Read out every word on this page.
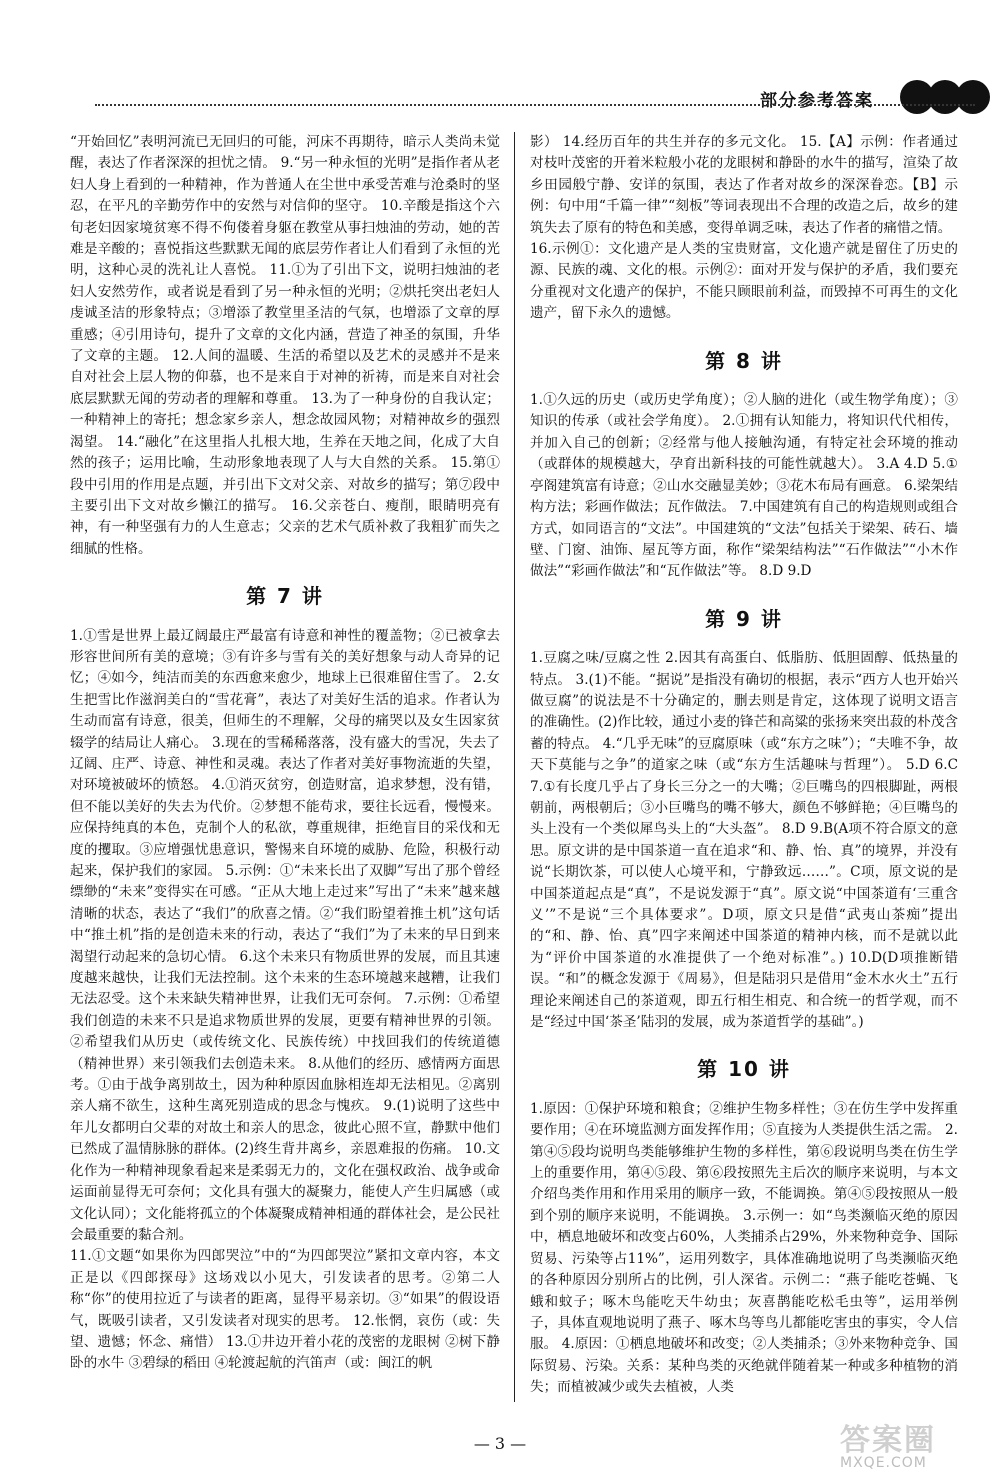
部分参考答案

“开始回忆”表明河流已无回归的可能，河床不再期待，暗示人类尚未觉醒，表达了作者深深的担忧之情。 9.“另一种永恒的光明”是指作者从老妇人身上看到的一种精神，作为普通人在尘世中承受苦难与沧桑时的坚忍，在平凡的辛勤劳作中的安然与对信仰的坚守。 10.辛酸是指这个六旬老妇因家境贫寒不得不佝偻着身躯在教堂从事扫烛油的劳动，她的苦难是辛酸的；喜悦指这些默默无闻的底层劳作者让人们看到了永恒的光明，这种心灵的洗礼让人喜悦。 11.①为了引出下文，说明扫烛油的老妇人安然劳作，或者说是看到了另一种永恒的光明；②烘托突出老妇人虔诚圣洁的形象特点；③增添了教堂里圣洁的气氛，也增添了文章的厚重感；④引用诗句，提升了文章的文化内涵，营造了神圣的氛围，升华了文章的主题。 12.人间的温暖、生活的希望以及艺术的灵感并不是来自对社会上层人物的仰慕，也不是来自于对神的祈祷，而是来自对社会底层默默无闻的劳动者的理解和尊重。 13.为了一种身份的自我认定；一种精神上的寄托；想念家乡亲人，想念故园风物；对精神故乡的强烈渴望。 14.“融化”在这里指人扎根大地，生养在天地之间，化成了大自然的孩子；运用比喻，生动形象地表现了人与大自然的关系。 15.第①段中引用的作用是点题，并引出下文对父亲、对故乡的描写；第⑦段中主要引出下文对故乡懒江的描写。 16.父亲苍白、瘦削，眼睛明亮有神，有一种坚强有力的人生意志；父亲的艺术气质补救了我粗犷而失之细腻的性格。

第 7 讲

1.①雪是世界上最辽阔最庄严最富有诗意和神性的覆盖物；②已被拿去形容世间所有美的意境；③有许多与雪有关的美好想象与动人奇异的记忆；④如今，纯洁而美的东西愈来愈少，地球上已很难留住雪了。 2.女生把雪比作滋润美白的“雪花膏”，表达了对美好生活的追求。作者认为生动而富有诗意，很美，但师生的不理解，父母的痛哭以及女生因家贫辍学的结局让人痛心。 3.现在的雪稀稀落落，没有盛大的雪况，失去了辽阔、庄严、诗意、神性和灵魂。表达了作者对美好事物流逝的失望，对环境被破坏的愤怒。 4.①消灭贫穷，创造财富，追求梦想，没有错，但不能以美好的失去为代价。②梦想不能苟求，要往长远看，慢慢来。应保持纯真的本色，克制个人的私欲，尊重规律，拒绝盲目的采伐和无度的攫取。③应增强忧患意识，警惕来自环境的威胁、危险，积极行动起来，保护我们的家园。 5.示例：①“未来长出了双脚”写出了那个曾经缥缈的“未来”变得实在可感。“正从大地上走过来”写出了“未来”越来越清晰的状态，表达了“我们”的欣喜之情。②“我们盼望着推土机”这句话中“推土机”指的是创造未来的行动，表达了“我们”为了未来的早日到来渴望行动起来的急切心情。 6.这个未来只有物质世界的发展，而且其速度越来越快，让我们无法控制。这个未来的生态环境越来越糟，让我们无法忍受。这个未来缺失精神世界，让我们无可奈何。 7.示例：①希望我们创造的未来不只是追求物质世界的发展，更要有精神世界的引领。②希望我们从历史（或传统文化、民族传统）中找回我们的传统道德（精神世界）来引领我们去创造未来。 8.从他们的经历、感情两方面思考。①由于战争离别故土，因为种种原因血脉相连却无法相见。②离别亲人痛不欲生，这种生离死别造成的思念与愧疚。 9.(1)说明了这些中年儿女都明白父辈的对故土和亲人的思念，彼此心照不宣，静默中他们已然成了温情脉脉的群体。(2)终生背井离乡，亲恩难报的伤痛。 10.文化作为一种精神现象看起来是柔弱无力的，文化在强权政治、战争或命运面前显得无可奈何；文化具有强大的凝聚力，能使人产生归属感（或文化认同）；文化能将孤立的个体凝聚成精神相通的群体社会，是公民社会最重要的黏合剂。

11.①文题“如果你为四郎哭泣”中的“为四郎哭泣”紧扣文章内容，本文正是以《四郎探母》这场戏以小见大，引发读者的思考。②第二人称“你”的使用拉近了与读者的距离，显得平易亲切。③“如果”的假设语气，既吸引读者，又引发读者对现实的思考。 12.怅惘，哀伤（或：失望、遗憾；怀念、痛惜） 13.①井边开着小花的茂密的龙眼树 ②树下静卧的水牛 ③碧绿的稻田 ④轮渡起航的汽笛声（或：闽江的帆

影） 14.经历百年的共生并存的多元文化。 15.【A】示例：作者通过对枝叶茂密的开着米粒般小花的龙眼树和静卧的水牛的描写，渲染了故乡田园般宁静、安详的氛围，表达了作者对故乡的深深眷恋。【B】示例：句中用“千篇一律”“刻板”等词表现出不合理的改造之后，故乡的建筑失去了原有的特色和美感，变得单调乏味，表达了作者的痛惜之情。

16.示例①：文化遗产是人类的宝贵财富，文化遗产就是留住了历史的源、民族的魂、文化的根。示例②：面对开发与保护的矛盾，我们要充分重视对文化遗产的保护，不能只顾眼前利益，而毁掉不可再生的文化遗产，留下永久的遗憾。

第 8 讲

1.①久远的历史（或历史学角度）；②人脑的进化（或生物学角度）；③知识的传承（或社会学角度）。 2.①拥有认知能力，将知识代代相传，并加入自己的创新；②经常与他人接触沟通，有特定社会环境的推动（或群体的规模越大，孕育出新科技的可能性就越大）。 3.A 4.D 5.①亭阁建筑富有诗意；②山水交融显美妙；③花木布局有画意。 6.梁架结构方法；彩画作做法；瓦作做法。 7.中国建筑有自己的构造规则或组合方式，如同语言的“文法”。中国建筑的“文法”包括关于梁架、砖石、墙壁、门窗、油饰、屋瓦等方面，称作“梁架结构法”“石作做法”“小木作做法”“彩画作做法”和“瓦作做法”等。 8.D 9.D

第 9 讲

1.豆腐之味/豆腐之性 2.因其有高蛋白、低脂肪、低胆固醇、低热量的特点。 3.(1)不能。“据说”是指没有确切的根据，表示“西方人也开始兴做豆腐”的说法是不十分确定的，删去则是肯定，这体现了说明文语言的准确性。(2)作比较，通过小麦的锋芒和高粱的张扬来突出菽的朴茂含蓄的特点。 4.“几乎无味”的豆腐原味（或“东方之味”）；“夫唯不争，故天下莫能与之争”的道家之味（或“东方生活趣味与哲理”）。 5.D 6.C 7.①有长度几乎占了身长三分之一的大嘴；②巨嘴鸟的四根脚趾，两根朝前，两根朝后；③小巨嘴鸟的嘴不够大，颜色不够鲜艳；④巨嘴鸟的头上没有一个类似犀鸟头上的“大头盔”。 8.D 9.B(A项不符合原文的意思。原文讲的是中国茶道一直在追求“和、静、怡、真”的境界，并没有说“长期饮茶，可以使人心境平和，宁静致远……”。C项，原文说的是中国茶道起点是“真”，不是说发源于“真”。原文说“中国茶道有‘三重含义’”不是说“三个具体要求”。D项，原文只是借“武夷山茶痴”提出的“和、静、怡、真”四字来阐述中国茶道的精神内核，而不是就以此为“评价中国茶道的水准提供了一个绝对标准”。) 10.D(D项推断错误。“和”的概念发源于《周易》，但是陆羽只是借用“金木水火土”五行理论来阐述自己的茶道观，即五行相生相克、和合统一的哲学观，而不是“经过中国‘茶圣’陆羽的发展，成为茶道哲学的基础”。)

第 10 讲

1.原因：①保护环境和粮食；②维护生物多样性；③在仿生学中发挥重要作用；④在环境监测方面发挥作用；⑤直接为人类提供生活之需。 2.第④⑤段均说明鸟类能够维护生物的多样性，第⑥段说明鸟类在仿生学上的重要作用，第④⑤段、第⑥段按照先主后次的顺序来说明，与本文介绍鸟类作用和作用采用的顺序一致，不能调换。第④⑤段按照从一般到个别的顺序来说明，不能调换。 3.示例一：如“鸟类濒临灭绝的原因中，栖息地破坏和改变占60%，人类捕杀占29%，外来物种竞争、国际贸易、污染等占11%”，运用列数字，具体准确地说明了鸟类濒临灭绝的各种原因分别所占的比例，引人深省。示例二：“燕子能吃苍蝇、飞蛾和蚊子；啄木鸟能吃天牛幼虫；灰喜鹊能吃松毛虫等”，运用举例子，具体直观地说明了燕子、啄木鸟等鸟儿都能吃害虫的事实，令人信服。 4.原因：①栖息地破坏和改变；②人类捕杀；③外来物种竞争、国际贸易、污染。关系：某种鸟类的灭绝就伴随着某一种或多种植物的消失；而植被减少或失去植被，人类

— 3 —	答案圈
MXQE.COM
